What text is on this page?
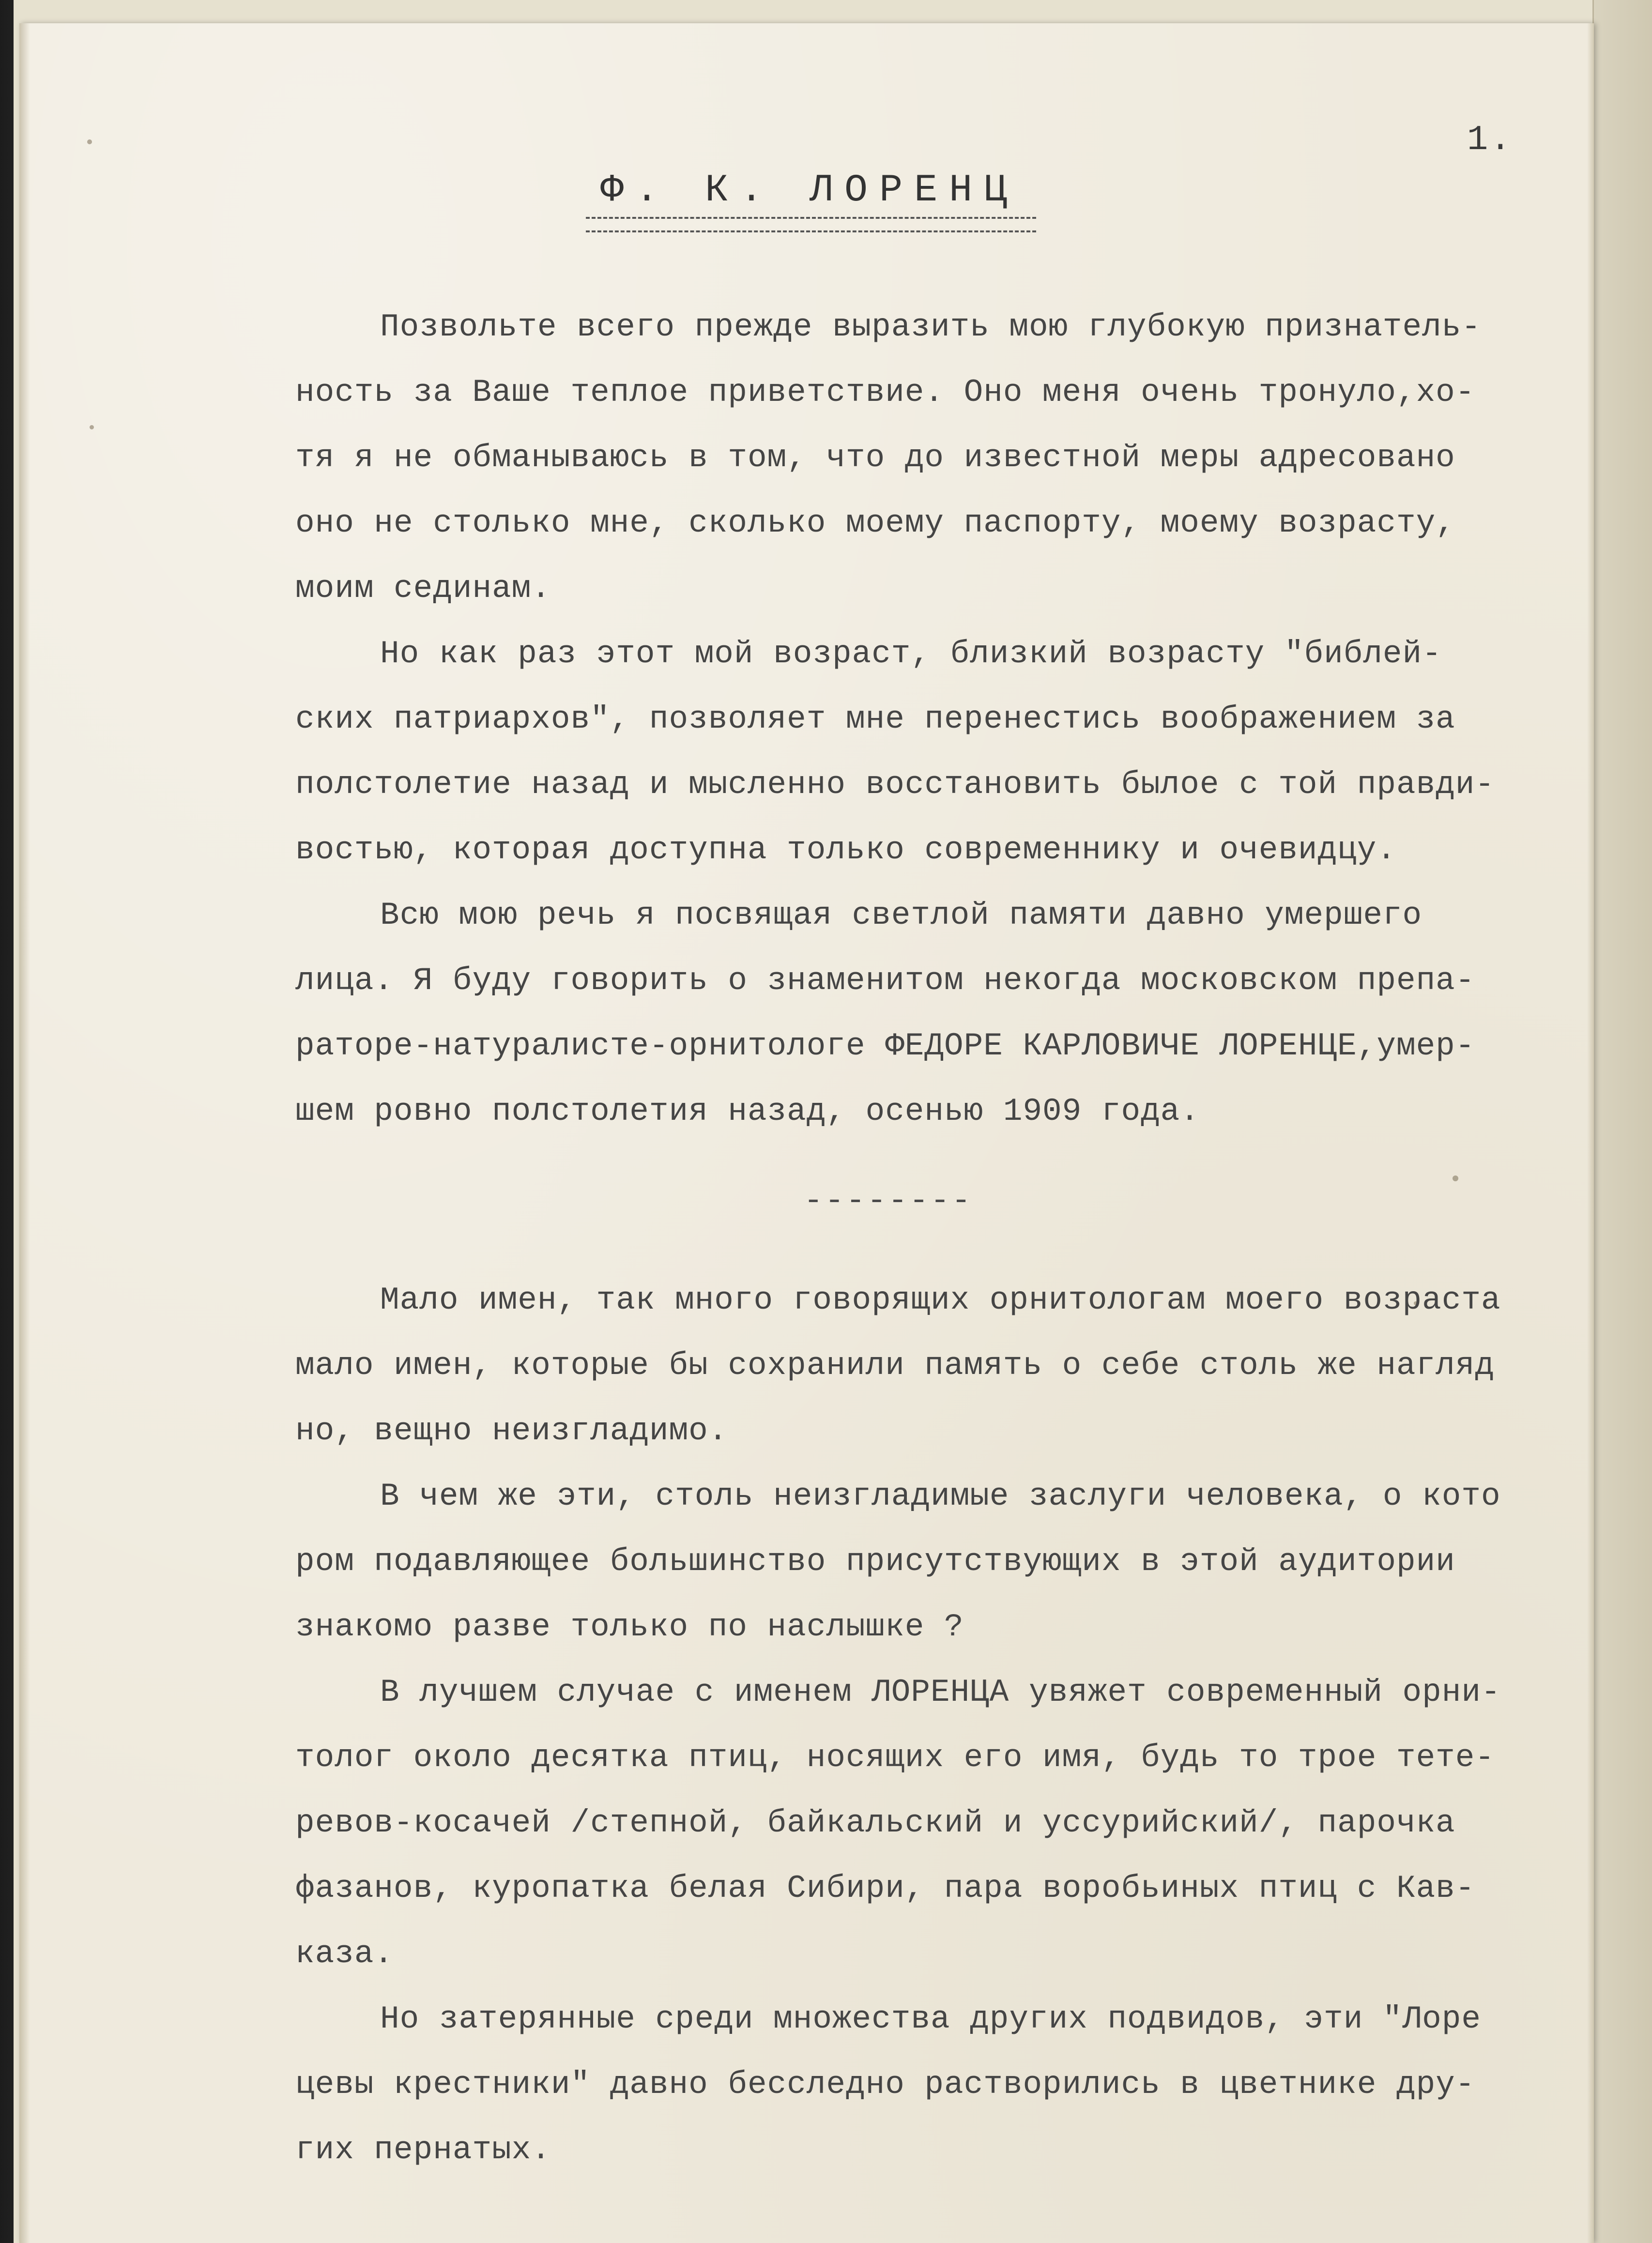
1.
Ф. К. ЛОРЕНЦ
Позвольте всего прежде выразить мою глубокую признатель-
ность за Ваше теплое приветствие. Оно меня очень тронуло,хо-
тя я не обманываюсь в том, что до известной меры адресовано
оно не столько мне, сколько моему паспорту, моему возрасту,
моим сединам.
Но как раз этот мой возраст, близкий возрасту "библей-
ских патриархов", позволяет мне перенестись воображением за
полстолетие назад и мысленно восстановить былое с той правди-
востью, которая доступна только современнику и очевидцу.
Всю мою речь я посвящая светлой памяти давно умершего
лица. Я буду говорить о знаменитом некогда московском препа-
раторе-натуралисте-орнитологе ФЕДОРЕ КАРЛОВИЧЕ ЛОРЕНЦЕ,умер-
шем ровно полстолетия назад, осенью 1909 года.
--------
Мало имен, так много говорящих орнитологам моего возраста
мало имен, которые бы сохранили память о себе столь же нагляд
но, вещно неизгладимо.
В чем же эти, столь неизгладимые заслуги человека, о кото
ром подавляющее большинство присутствующих в этой аудитории
знакомо разве только по наслышке ?
В лучшем случае с именем ЛОРЕНЦА увяжет современный орни-
толог около десятка птиц, носящих его имя, будь то трое тете-
ревов-косачей /степной, байкальский и уссурийский/, парочка
фазанов, куропатка белая Сибири, пара воробьиных птиц с Кав-
каза.
Но затерянные среди множества других подвидов, эти "Лоре
цевы крестники" давно бесследно растворились в цветнике дру-
гих пернатых.
